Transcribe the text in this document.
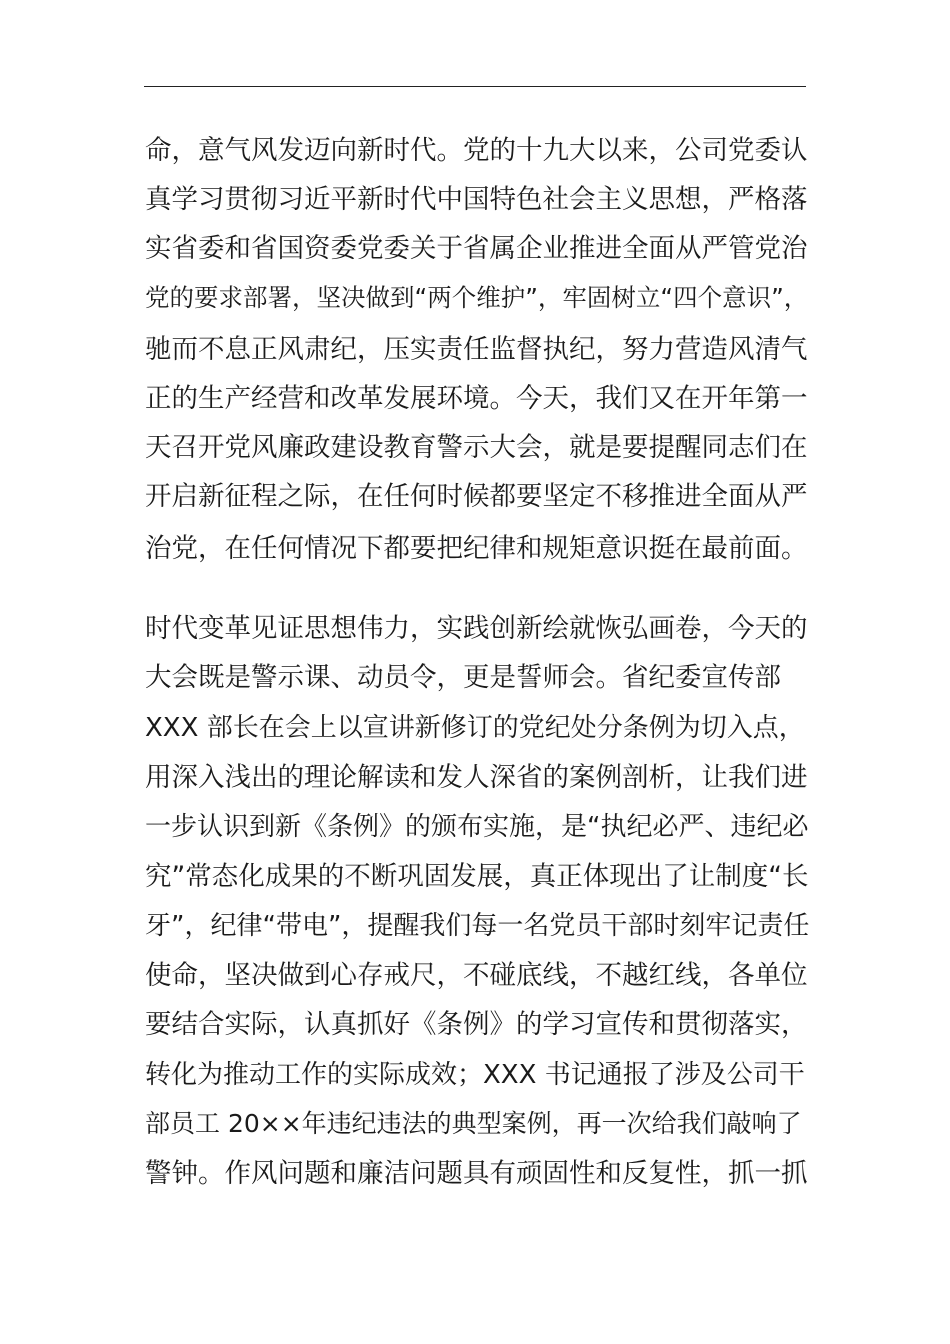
命，意气风发迈向新时代。党的十九大以来，公司党委认
真学习贯彻习近平新时代中国特色社会主义思想，严格落
实省委和省国资委党委关于省属企业推进全面从严管党治
党的要求部署，坚决做到“两个维护”，牢固树立“四个意识”，
驰而不息正风肃纪，压实责任监督执纪，努力营造风清气
正的生产经营和改革发展环境。今天，我们又在开年第一
天召开党风廉政建设教育警示大会，就是要提醒同志们在
开启新征程之际，在任何时候都要坚定不移推进全面从严
治党，在任何情况下都要把纪律和规矩意识挺在最前面。
时代变革见证思想伟力，实践创新绘就恢弘画卷，今天的
大会既是警示课、动员令，更是誓师会。省纪委宣传部
XXX 部长在会上以宣讲新修订的党纪处分条例为切入点，
用深入浅出的理论解读和发人深省的案例剖析，让我们进
一步认识到新《条例》的颁布实施，是“执纪必严、违纪必
究”常态化成果的不断巩固发展，真正体现出了让制度“长
牙”，纪律“带电”，提醒我们每一名党员干部时刻牢记责任
使命，坚决做到心存戒尺，不碰底线，不越红线，各单位
要结合实际，认真抓好《条例》的学习宣传和贯彻落实，
转化为推动工作的实际成效；XXX 书记通报了涉及公司干
部员工 20××年违纪违法的典型案例，再一次给我们敲响了
警钟。作风问题和廉洁问题具有顽固性和反复性，抓一抓
